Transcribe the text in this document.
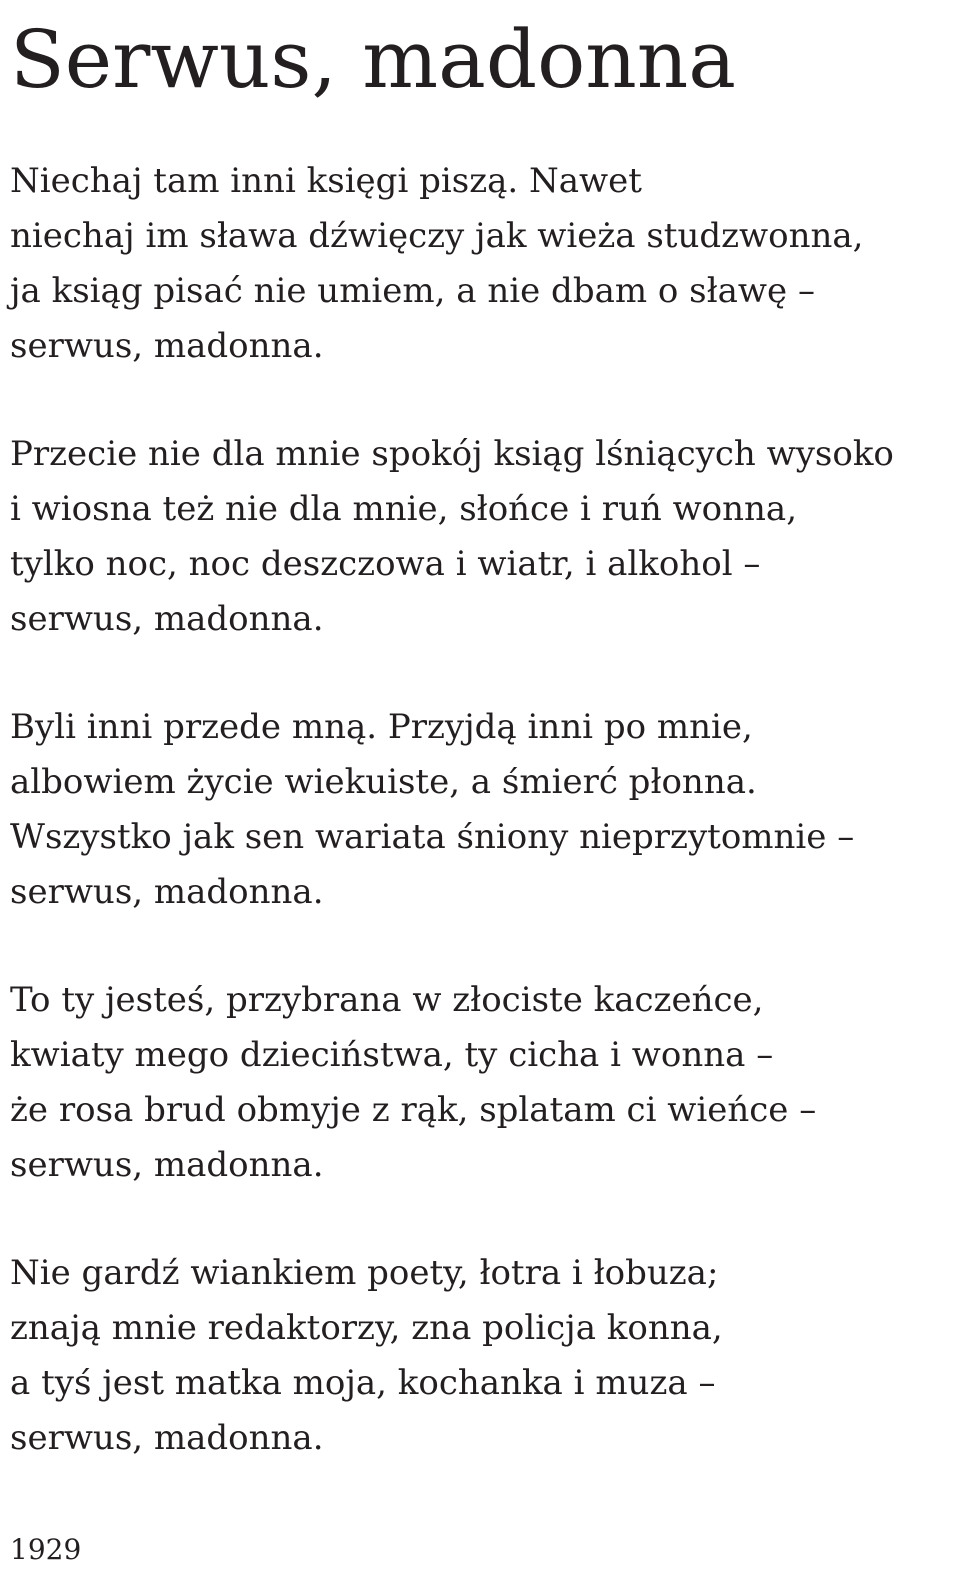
Serwus, madonna
Niechaj tam inni księgi piszą. Nawet
niechaj im sława dźwięczy jak wieża studzwonna,
ja ksiąg pisać nie umiem, a nie dbam o sławę –
serwus, madonna.
Przecie nie dla mnie spokój ksiąg lśniących wysoko
i wiosna też nie dla mnie, słońce i ruń wonna,
tylko noc, noc deszczowa i wiatr, i alkohol –
serwus, madonna.
Byli inni przede mną. Przyjdą inni po mnie,
albowiem życie wiekuiste, a śmierć płonna.
Wszystko jak sen wariata śniony nieprzytomnie –
serwus, madonna.
To ty jesteś, przybrana w złociste kaczeńce,
kwiaty mego dzieciństwa, ty cicha i wonna –
że rosa brud obmyje z rąk, splatam ci wieńce –
serwus, madonna.
Nie gardź wiankiem poety, łotra i łobuza;
znają mnie redaktorzy, zna policja konna,
a tyś jest matka moja, kochanka i muza –
serwus, madonna.

1929
